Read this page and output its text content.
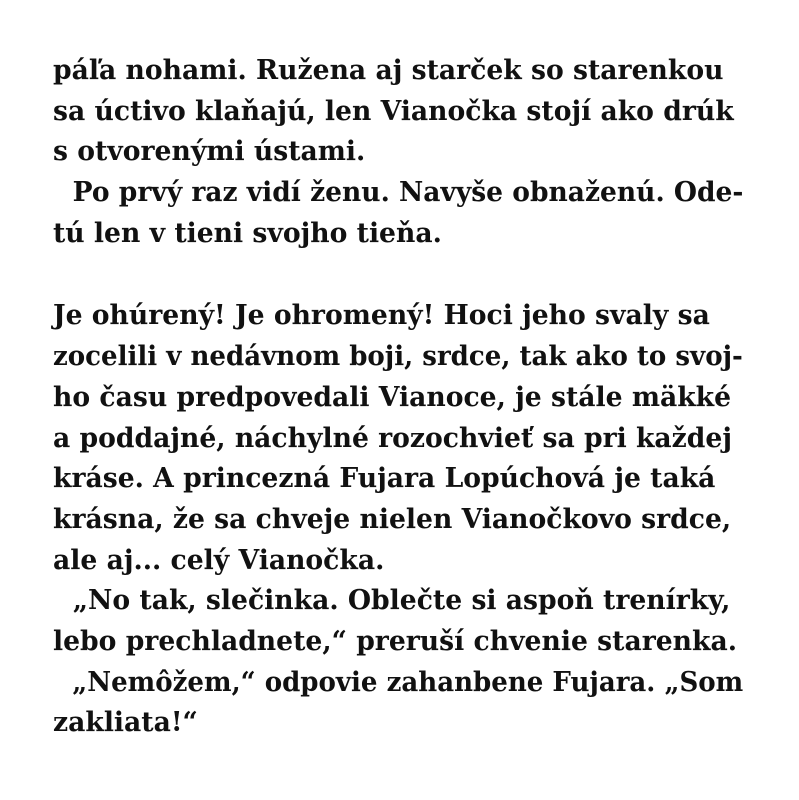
páľa nohami. Ružena aj starček so starenkou
sa úctivo klaňajú, len Vianočka stojí ako drúk
s otvorenými ústami.
Po prvý raz vidí ženu. Navyše obnaženú. Ode-
tú len v tieni svojho tieňa.
Je ohúrený! Je ohromený! Hoci jeho svaly sa
zocelili v nedávnom boji, srdce, tak ako to svoj-
ho času predpovedali Vianoce, je stále mäkké
a poddajné, náchylné rozochvieť sa pri každej
kráse. A princezná Fujara Lopúchová je taká
krásna, že sa chveje nielen Vianočkovo srdce,
ale aj... celý Vianočka.
„No tak, slečinka. Oblečte si aspoň trenírky,
lebo prechladnete,“ preruší chvenie starenka.
„Nemôžem,“ odpovie zahanbene Fujara. „Som
zakliata!“
